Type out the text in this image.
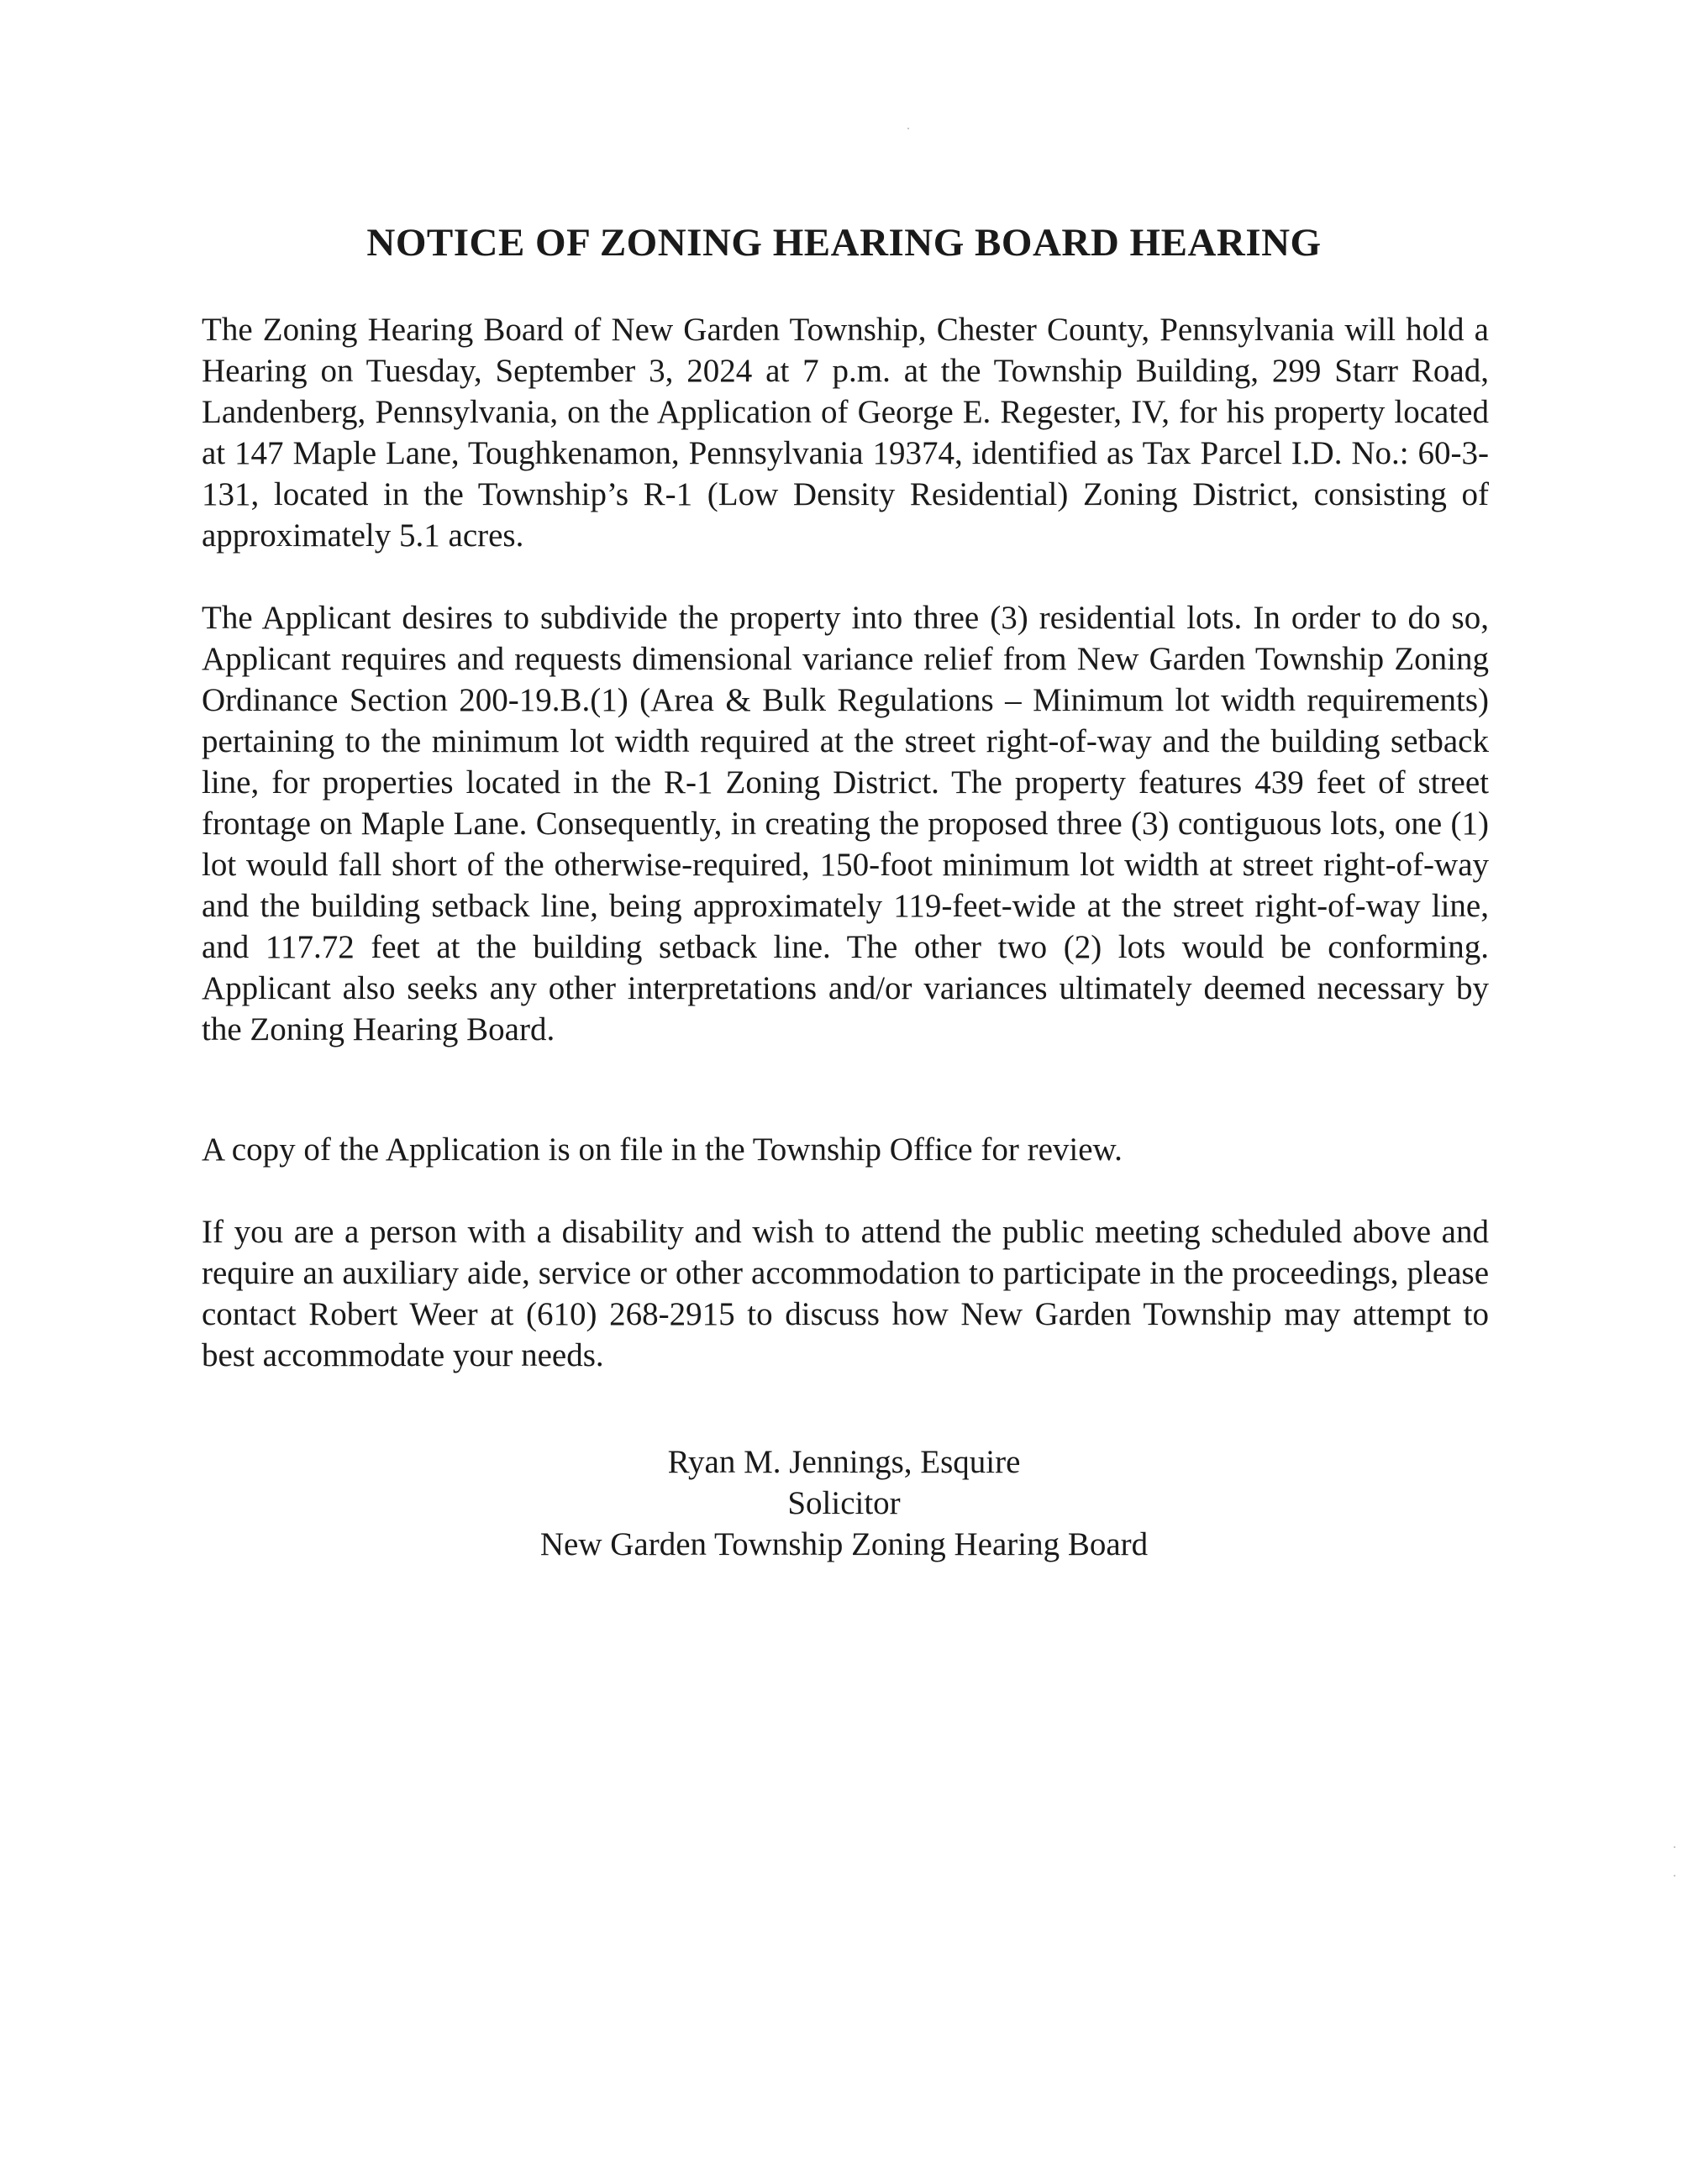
NOTICE OF ZONING HEARING BOARD HEARING

The Zoning Hearing Board of New Garden Township, Chester County, Pennsylvania will hold a Hearing on Tuesday, September 3, 2024 at 7 p.m. at the Township Building, 299 Starr Road, Landenberg, Pennsylvania, on the Application of George E. Regester, IV, for his property located at 147 Maple Lane, Toughkenamon, Pennsylvania 19374, identified as Tax Parcel I.D. No.: 60-3-131, located in the Township’s R-1 (Low Density Residential) Zoning District, consisting of approximately 5.1 acres.

The Applicant desires to subdivide the property into three (3) residential lots. In order to do so, Applicant requires and requests dimensional variance relief from New Garden Township Zoning Ordinance Section 200-19.B.(1) (Area & Bulk Regulations – Minimum lot width requirements) pertaining to the minimum lot width required at the street right-of-way and the building setback line, for properties located in the R-1 Zoning District. The property features 439 feet of street frontage on Maple Lane. Consequently, in creating the proposed three (3) contiguous lots, one (1) lot would fall short of the otherwise-required, 150-foot minimum lot width at street right-of-way and the building setback line, being approximately 119-feet-wide at the street right-of-way line, and 117.72 feet at the building setback line. The other two (2) lots would be conforming. Applicant also seeks any other interpretations and/or variances ultimately deemed necessary by the Zoning Hearing Board.

A copy of the Application is on file in the Township Office for review.

If you are a person with a disability and wish to attend the public meeting scheduled above and require an auxiliary aide, service or other accommodation to participate in the proceedings, please contact Robert Weer at (610) 268-2915 to discuss how New Garden Township may attempt to best accommodate your needs.

Ryan M. Jennings, Esquire
Solicitor
New Garden Township Zoning Hearing Board
